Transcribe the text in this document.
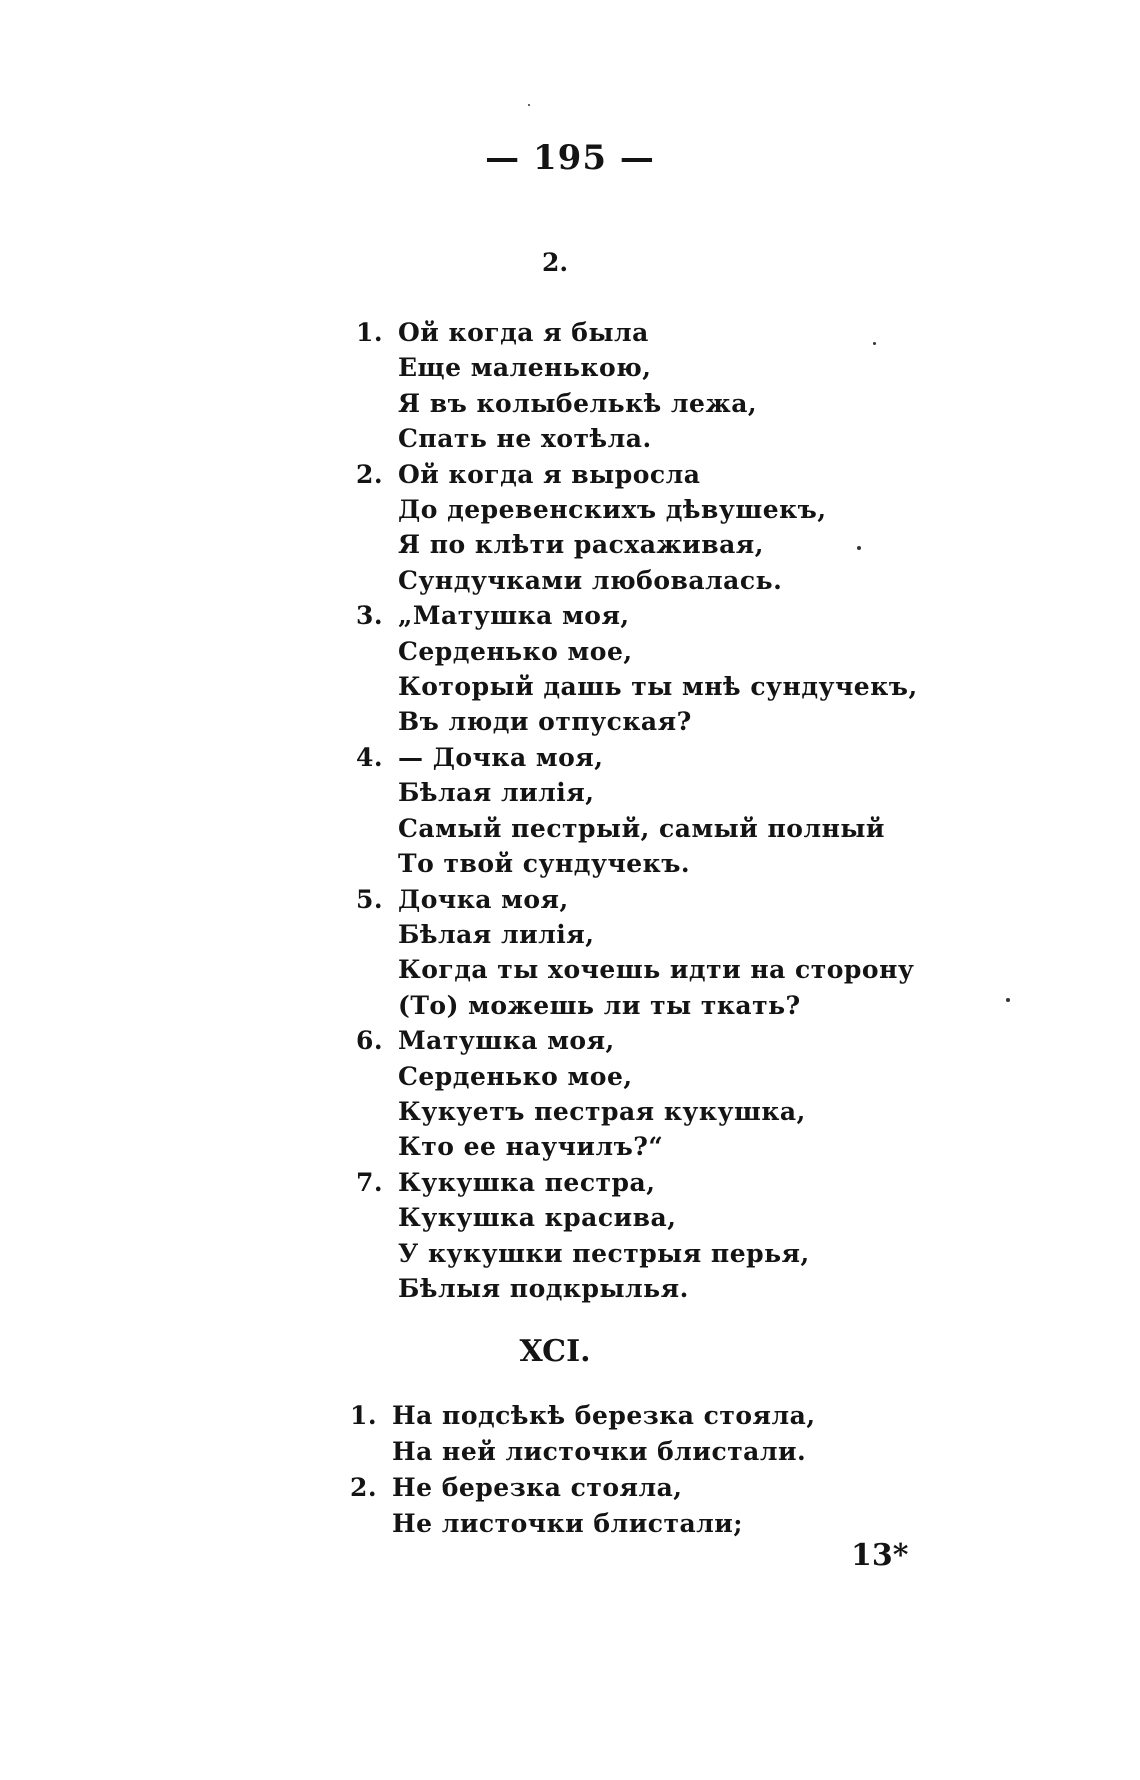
— 195 —
2.
1. Ой когда я была
Еще маленькою,
Я въ колыбелькѣ лежа,
Спать не хотѣла.
2. Ой когда я выросла
До деревенскихъ дѣвушекъ,
Я по клѣти расхаживая,
Сундучками любовалась.
3. „Матушка моя,
Серденько мое,
Который дашь ты мнѣ сундучекъ,
Въ люди отпуская?
4. — Дочка моя,
Бѣлая лилія,
Самый пестрый, самый полный
То твой сундучекъ.
5. Дочка моя,
Бѣлая лилія,
Когда ты хочешь идти на сторону
(То) можешь ли ты ткать?
6. Матушка моя,
Серденько мое,
Кукуетъ пестрая кукушка,
Кто ее научилъ?“
7. Кукушка пестра,
Кукушка красива,
У кукушки пестрыя перья,
Бѣлыя подкрылья.
XCI.
1. На подсѣкѣ березка стояла,
На ней листочки блистали.
2. Не березка стояла,
Не листочки блистали;
13*
